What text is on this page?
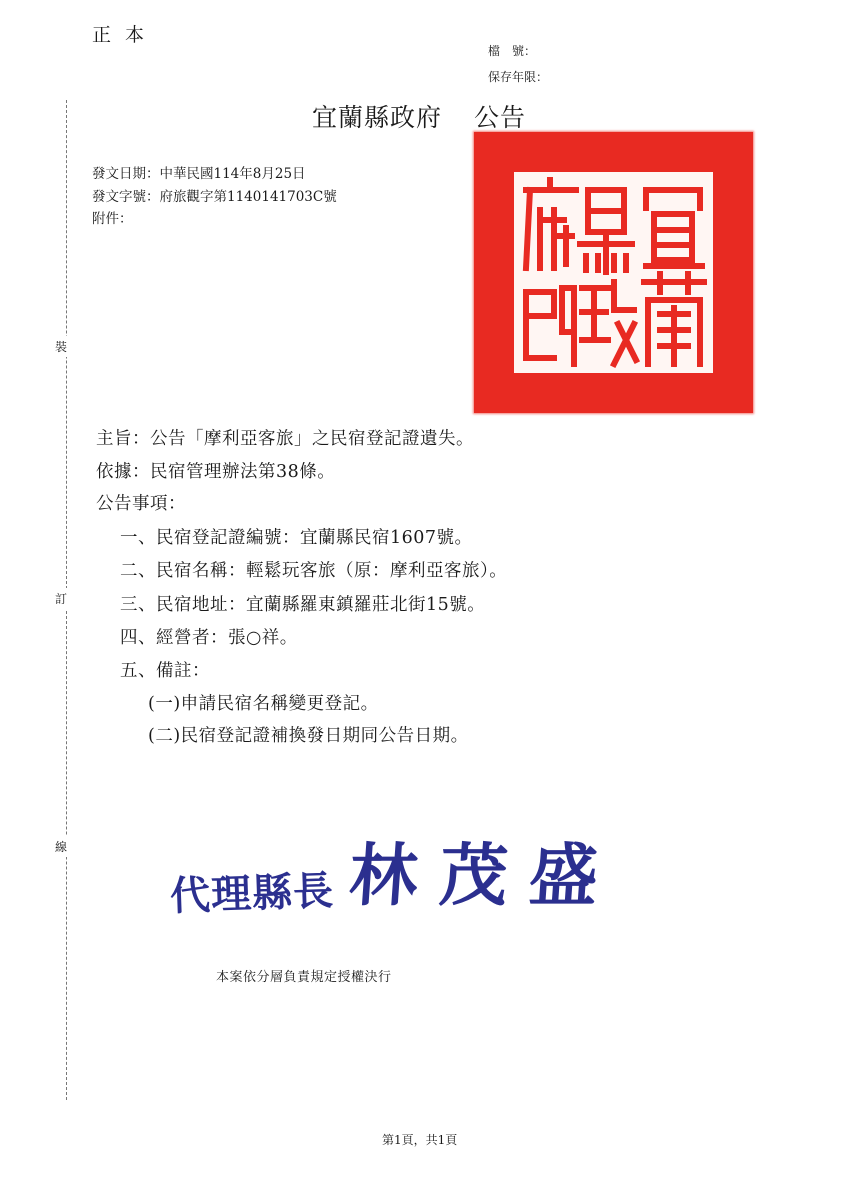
正本
檔　號：
保存年限：
宜蘭縣政府 公告
發文日期：中華民國114年8月25日
發文字號：府旅觀字第1140141703C號
附件：
裝
訂
線
主旨：公告「摩利亞客旅」之民宿登記證遺失。
依據：民宿管理辦法第38條。
公告事項：
一、民宿登記證編號：宜蘭縣民宿1607號。
二、民宿名稱：輕鬆玩客旅（原：摩利亞客旅）。
三、民宿地址：宜蘭縣羅東鎮羅莊北街15號。
四、經營者：張○祥。
五、備註：
(一)申請民宿名稱變更登記。
(二)民宿登記證補換發日期同公告日期。
代理縣長 林茂盛
本案依分層負責規定授權決行
第1頁，共1頁
